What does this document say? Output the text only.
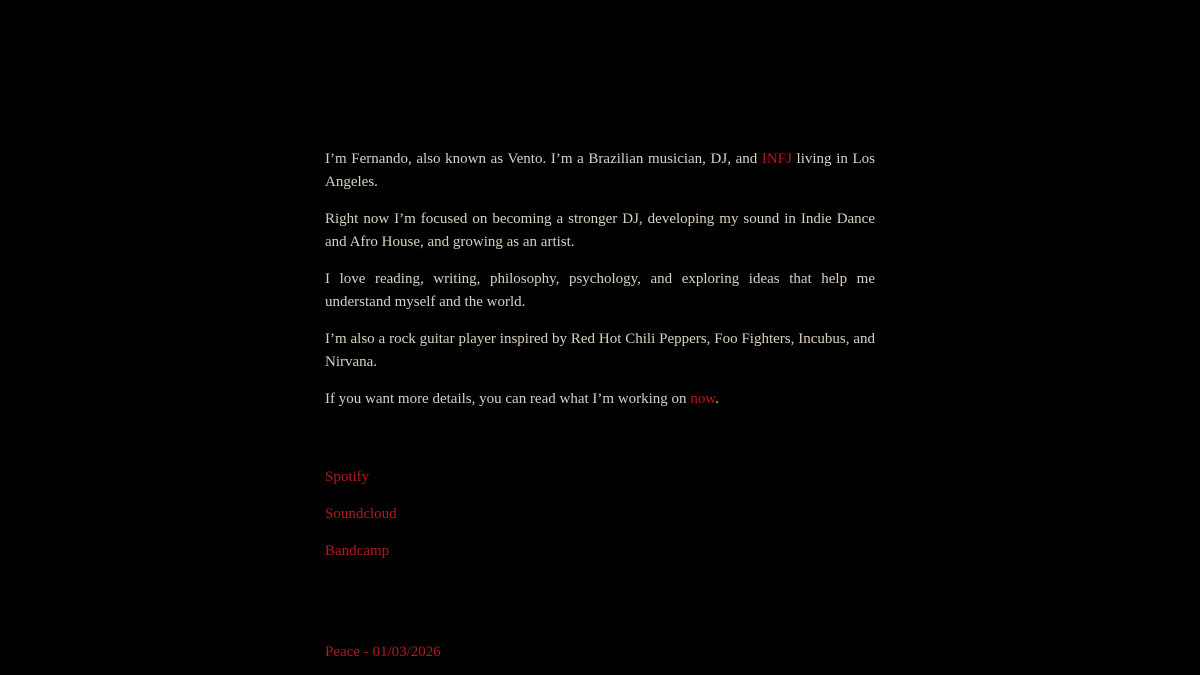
I’m Fernando, also known as Vento. I’m a Brazilian musician, DJ, and INFJ living in Los Angeles.

Right now I’m focused on becoming a stronger DJ, developing my sound in Indie Dance and Afro House, and growing as an artist.

I love reading, writing, philosophy, psychology, and exploring ideas that help me understand myself and the world.

I’m also a rock guitar player inspired by Red Hot Chili Peppers, Foo Fighters, Incubus, and Nirvana.

If you want more details, you can read what I’m working on now.

Spotify
Soundcloud
Bandcamp
Peace - 01/03/2026
